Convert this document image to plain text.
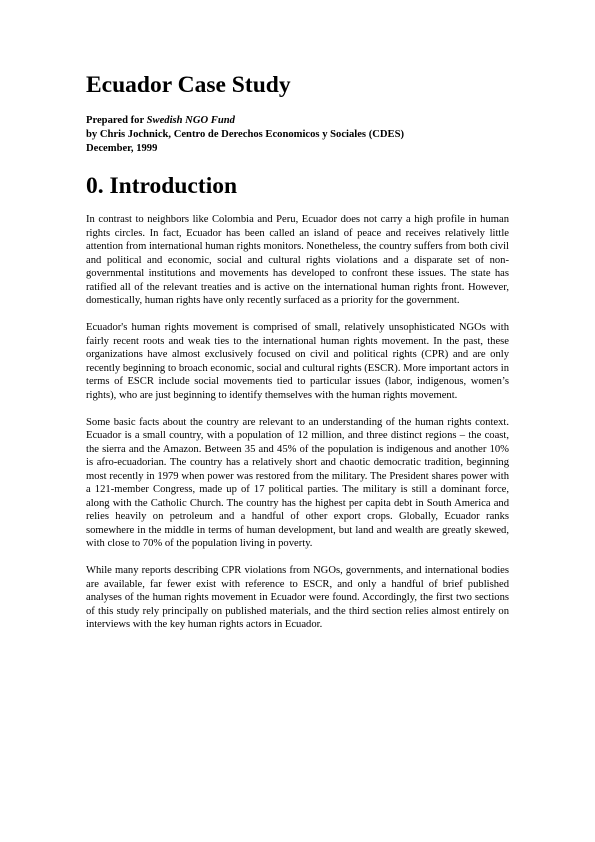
Ecuador Case Study
Prepared for Swedish NGO Fund
by Chris Jochnick, Centro de Derechos Economicos y Sociales (CDES)
December, 1999
0. Introduction

In contrast to neighbors like Colombia and Peru, Ecuador does not carry a high profile in human rights circles. In fact, Ecuador has been called an island of peace and receives relatively little attention from international human rights monitors. Nonetheless, the country suffers from both civil and political and economic, social and cultural rights violations and a disparate set of non-governmental institutions and movements has developed to confront these issues. The state has ratified all of the relevant treaties and is active on the international human rights front. However, domestically, human rights have only recently surfaced as a priority for the government.

Ecuador's human rights movement is comprised of small, relatively unsophisticated NGOs with fairly recent roots and weak ties to the international human rights movement. In the past, these organizations have almost exclusively focused on civil and political rights (CPR) and are only recently beginning to broach economic, social and cultural rights (ESCR). More important actors in terms of ESCR include social movements tied to particular issues (labor, indigenous, women’s rights), who are just beginning to identify themselves with the human rights movement.

Some basic facts about the country are relevant to an understanding of the human rights context. Ecuador is a small country, with a population of 12 million, and three distinct regions – the coast, the sierra and the Amazon. Between 35 and 45% of the population is indigenous and another 10% is afro-ecuadorian. The country has a relatively short and chaotic democratic tradition, beginning most recently in 1979 when power was restored from the military. The President shares power with a 121-member Congress, made up of 17 political parties. The military is still a dominant force, along with the Catholic Church. The country has the highest per capita debt in South America and relies heavily on petroleum and a handful of other export crops. Globally, Ecuador ranks somewhere in the middle in terms of human development, but land and wealth are greatly skewed, with close to 70% of the population living in poverty.

While many reports describing CPR violations from NGOs, governments, and international bodies are available, far fewer exist with reference to ESCR, and only a handful of brief published analyses of the human rights movement in Ecuador were found. Accordingly, the first two sections of this study rely principally on published materials, and the third section relies almost entirely on interviews with the key human rights actors in Ecuador.
